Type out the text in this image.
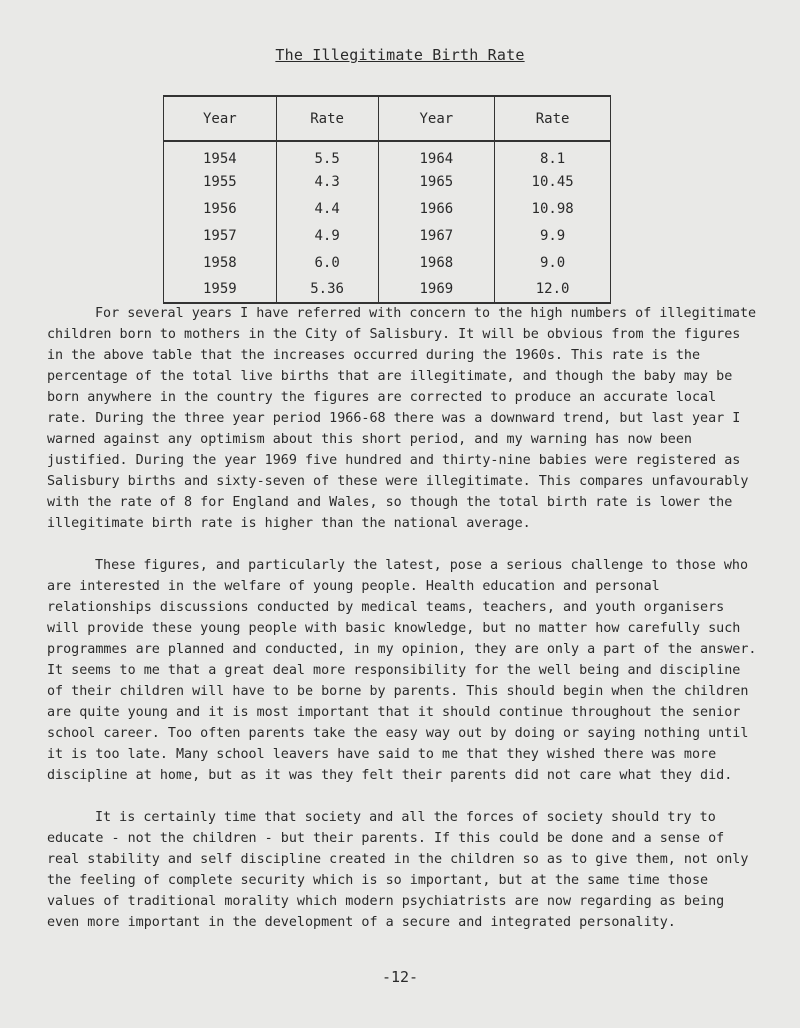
The Illegitimate Birth Rate
Year	Rate	Year	Rate
1954	5.5	1964	8.1
1955	4.3	1965	10.45
1956	4.4	1966	10.98
1957	4.9	1967	9.9
1958	6.0	1968	9.0
1959	5.36	1969	12.0

For several years I have referred with concern to the high numbers of illegitimate children born to mothers in the City of Salisbury. It will be obvious from the figures in the above table that the increases occurred during the 1960s. This rate is the percentage of the total live births that are illegitimate, and though the baby may be born anywhere in the country the figures are corrected to produce an accurate local rate. During the three year period 1966-68 there was a downward trend, but last year I warned against any optimism about this short period, and my warning has now been justified. During the year 1969 five hundred and thirty-nine babies were registered as Salisbury births and sixty-seven of these were illegitimate. This compares unfavourably with the rate of 8 for England and Wales, so though the total birth rate is lower the illegitimate birth rate is higher than the national average.

These figures, and particularly the latest, pose a serious challenge to those who are interested in the welfare of young people. Health education and personal relationships discussions conducted by medical teams, teachers, and youth organisers will provide these young people with basic knowledge, but no matter how carefully such programmes are planned and conducted, in my opinion, they are only a part of the answer. It seems to me that a great deal more responsibility for the well being and discipline of their children will have to be borne by parents. This should begin when the children are quite young and it is most important that it should continue throughout the senior school career. Too often parents take the easy way out by doing or saying nothing until it is too late. Many school leavers have said to me that they wished there was more discipline at home, but as it was they felt their parents did not care what they did.

It is certainly time that society and all the forces of society should try to educate - not the children - but their parents. If this could be done and a sense of real stability and self discipline created in the children so as to give them, not only the feeling of complete security which is so important, but at the same time those values of traditional morality which modern psychiatrists are now regarding as being even more important in the development of a secure and integrated personality.

-12-
